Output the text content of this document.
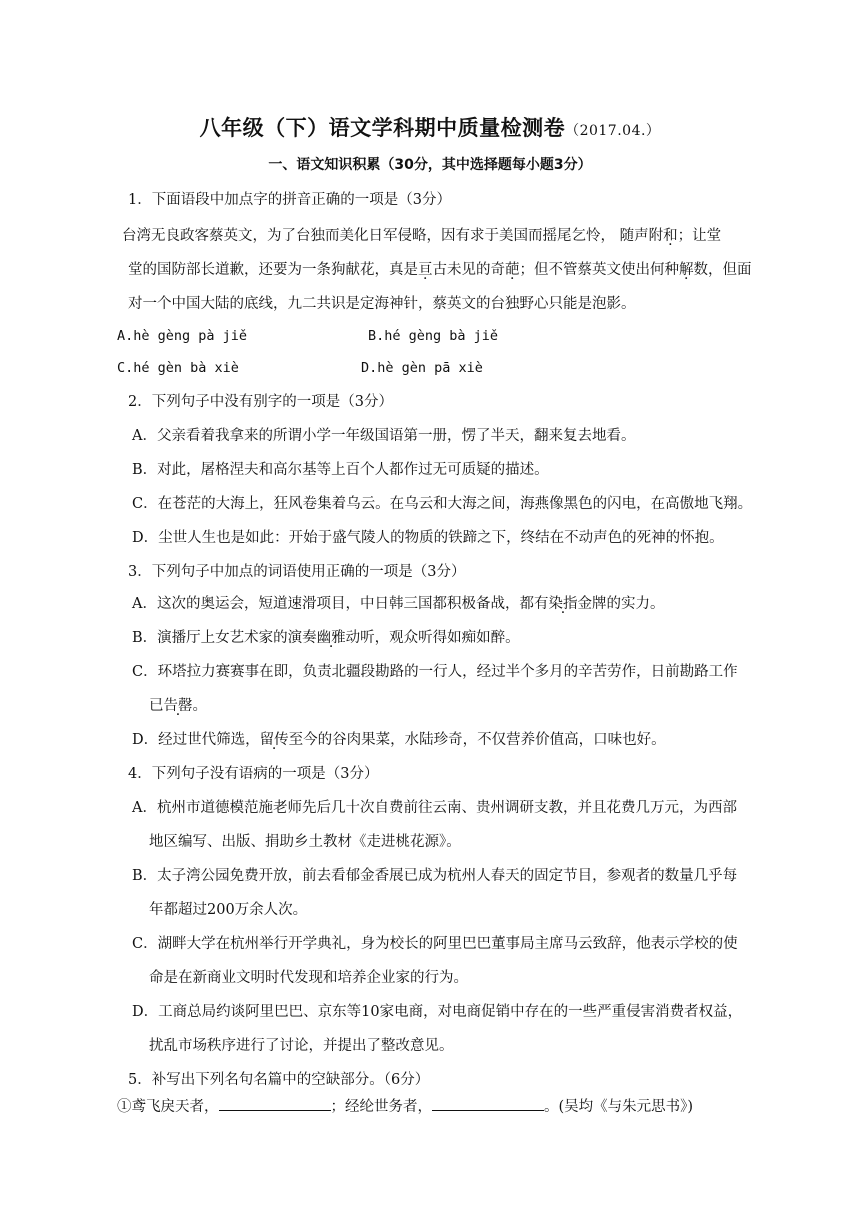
八年级（下）语文学科期中质量检测卷（2017.04.）
一、语文知识积累（30分，其中选择题每小题3分）
1．下面语段中加点字的拼音正确的一项是（3分）
台湾无良政客蔡英文，为了台独而美化日军侵略，因有求于美国而摇尾乞怜， 随声附和；让堂
堂的国防部长道歉，还要为一条狗献花，真是亘古未见的奇葩；但不管蔡英文使出何种解数，但面
对一个中国大陆的底线，九二共识是定海神针，蔡英文的台独野心只能是泡影。
A.hè gèng pà jiě	B.hé gèng bà jiě
C.hé gèn bà xiè	D.hè gèn pā xiè
2．下列句子中没有别字的一项是（3分）
A．父亲看着我拿来的所谓小学一年级国语第一册，愣了半天，翻来复去地看。
B．对此，屠格涅夫和高尔基等上百个人都作过无可质疑的描述。
C．在苍茫的大海上，狂风卷集着乌云。在乌云和大海之间，海燕像黑色的闪电，在高傲地飞翔。
D．尘世人生也是如此：开始于盛气陵人的物质的铁蹄之下，终结在不动声色的死神的怀抱。
3．下列句子中加点的词语使用正确的一项是（3分）
A．这次的奥运会，短道速滑项目，中日韩三国都积极备战，都有染指金牌的实力。
B．演播厅上女艺术家的演奏幽雅动听，观众听得如痴如醉。
C．环塔拉力赛赛事在即，负责北疆段勘路的一行人，经过半个多月的辛苦劳作，日前勘路工作
已告罄。
D．经过世代筛选，留传至今的谷肉果菜，水陆珍奇，不仅营养价值高，口味也好。
4．下列句子没有语病的一项是（3分）
A．杭州市道德模范施老师先后几十次自费前往云南、贵州调研支教，并且花费几万元，为西部
地区编写、出版、捐助乡土教材《走进桃花源》。
B．太子湾公园免费开放，前去看郁金香展已成为杭州人春天的固定节目，参观者的数量几乎每
年都超过200万余人次。
C．湖畔大学在杭州举行开学典礼，身为校长的阿里巴巴董事局主席马云致辞，他表示学校的使
命是在新商业文明时代发现和培养企业家的行为。
D．工商总局约谈阿里巴巴、京东等10家电商，对电商促销中存在的一些严重侵害消费者权益，
扰乱市场秩序进行了讨论，并提出了整改意见。
5．补写出下列名句名篇中的空缺部分。（6分）
①鸢飞戾天者，	；经纶世务者，	。(吴均《与朱元思书》)
